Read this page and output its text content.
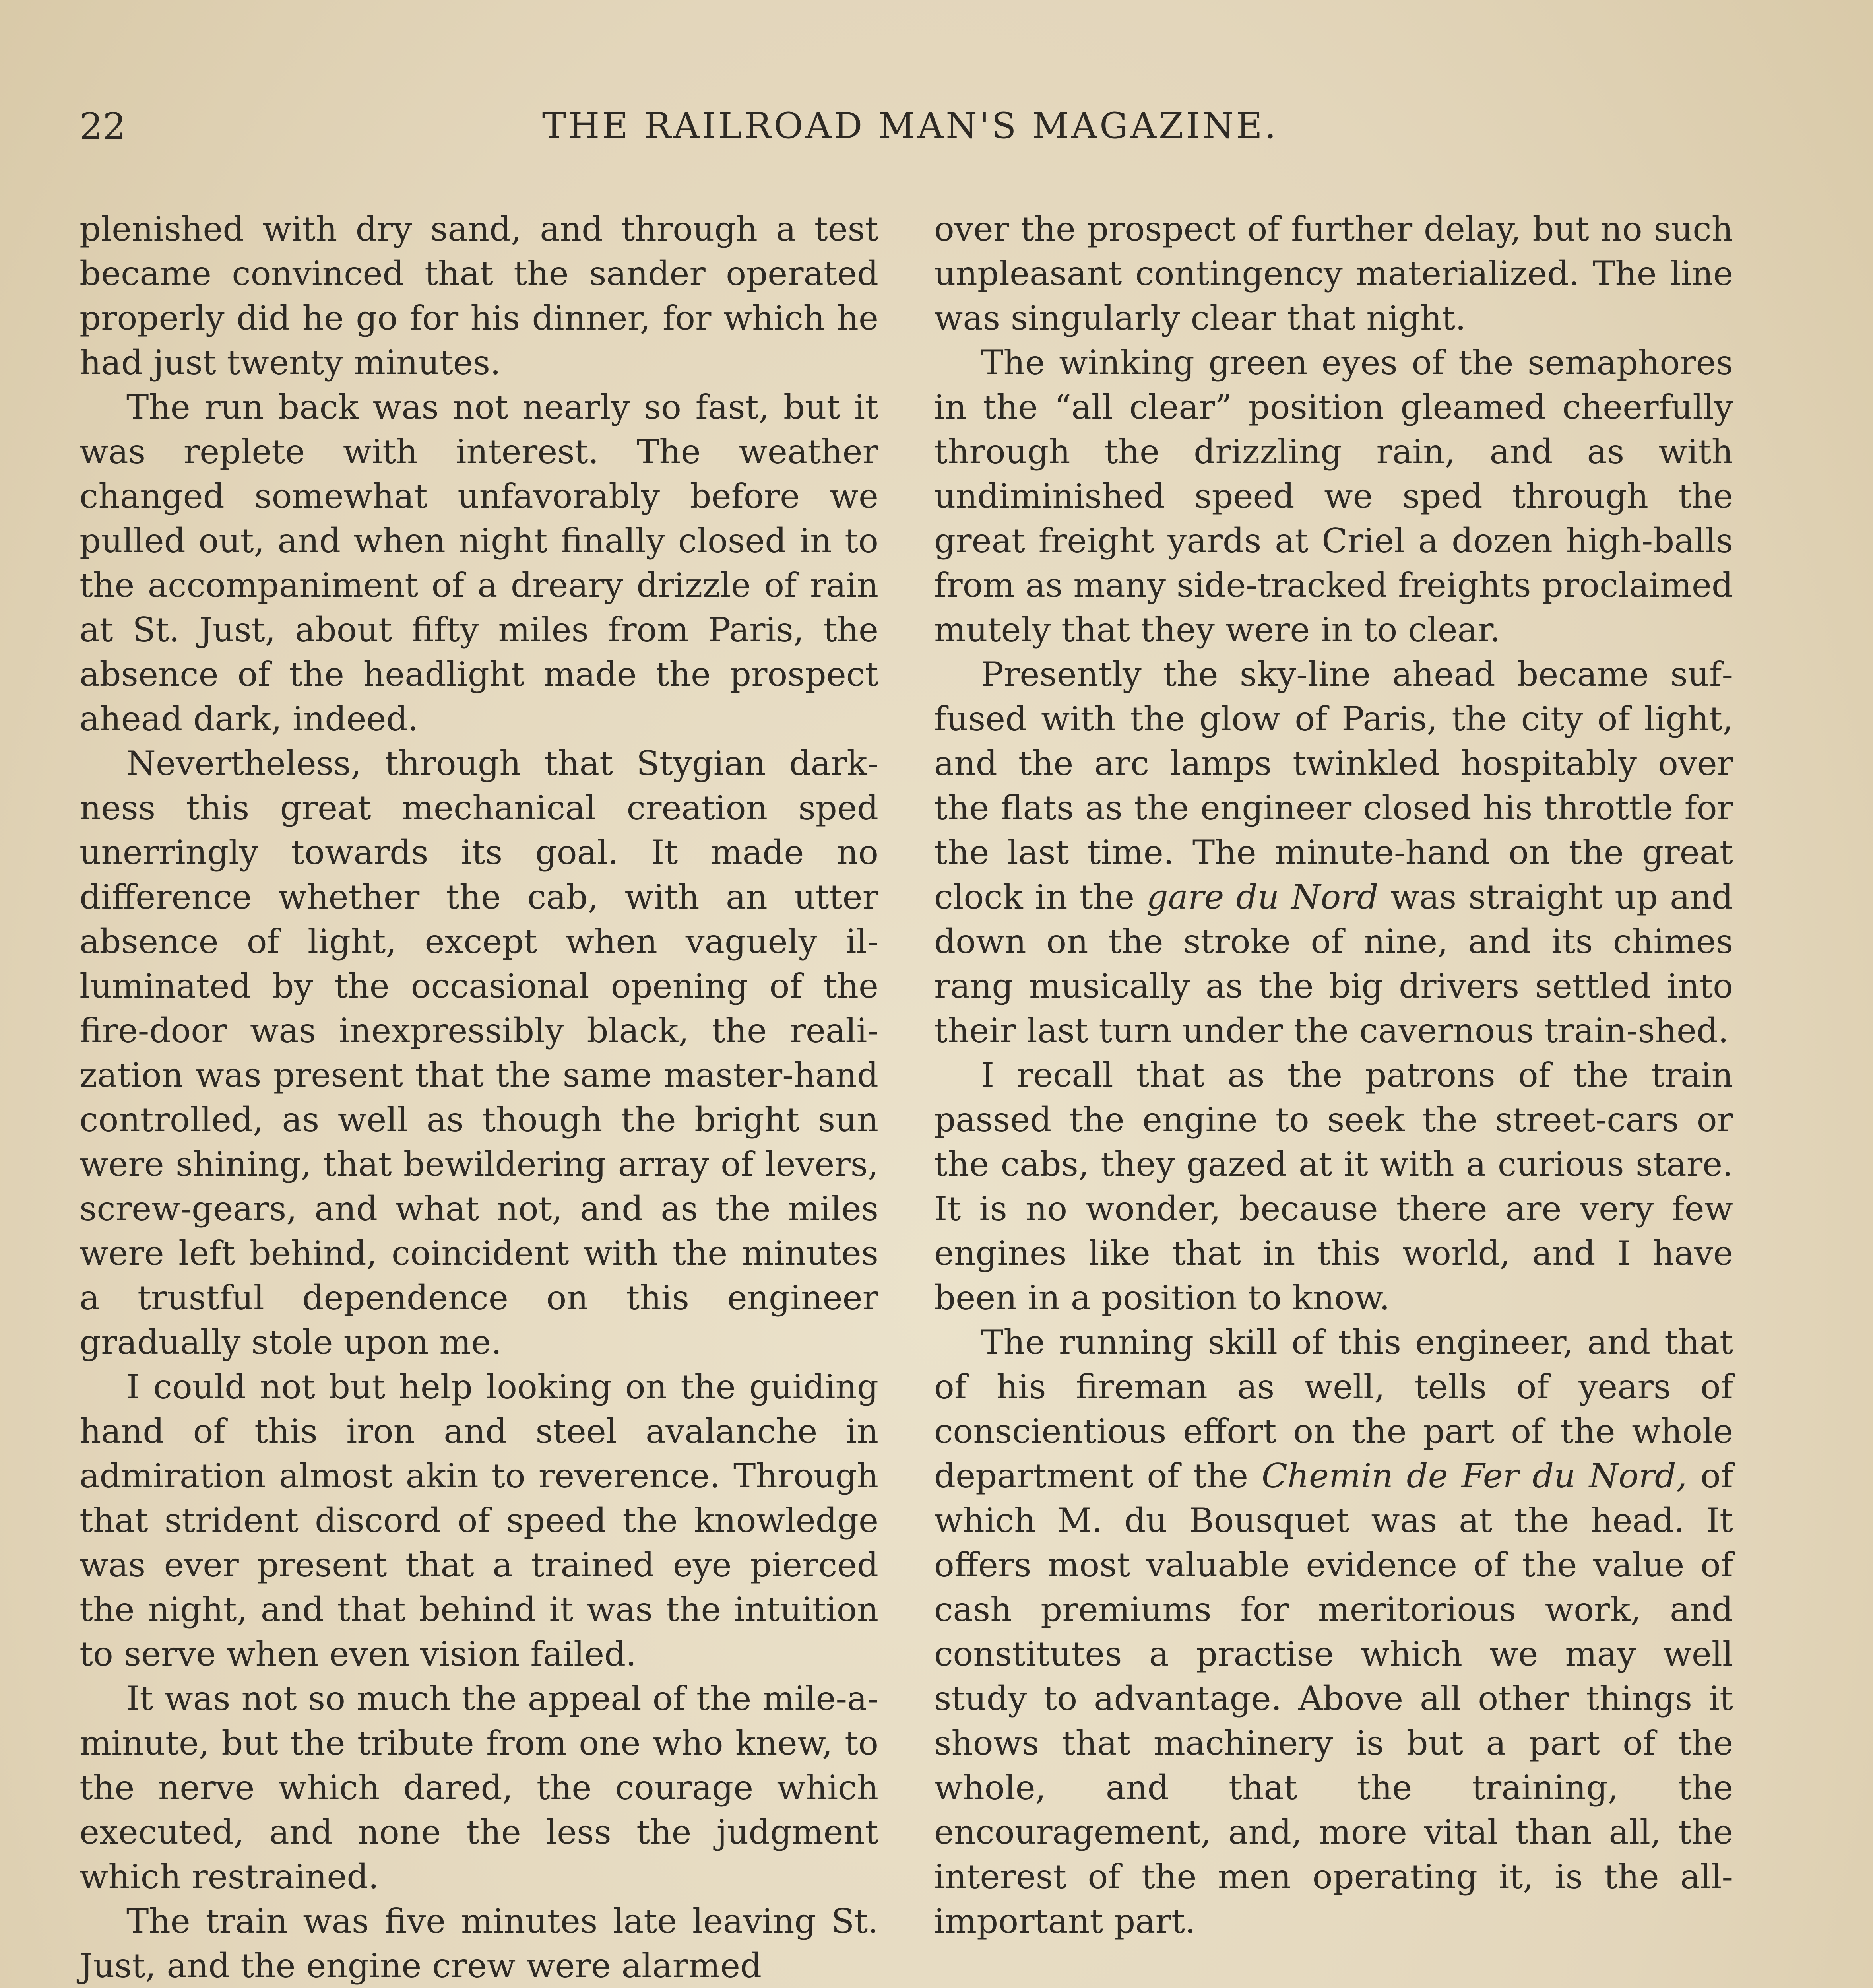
22	THE RAILROAD MAN'S MAGAZINE.

plenished with dry sand, and through a test became convinced that the sander operated properly did he go for his dinner, for which he had just twenty minutes.

The run back was not nearly so fast, but it was replete with interest. The weather changed somewhat unfavorably before we pulled out, and when night finally closed in to the accompaniment of a dreary drizzle of rain at St. Just, about fifty miles from Paris, the absence of the headlight made the prospect ahead dark, indeed.

Nevertheless, through that Stygian darkness this great mechanical creation sped unerringly towards its goal. It made no difference whether the cab, with an utter absence of light, except when vaguely illuminated by the occasional opening of the fire-door was inexpressibly black, the realization was present that the same master-hand controlled, as well as though the bright sun were shining, that bewildering array of levers, screw-gears, and what not, and as the miles were left behind, coincident with the minutes a trustful dependence on this engineer gradually stole upon me.

I could not but help looking on the guiding hand of this iron and steel avalanche in admiration almost akin to reverence. Through that strident discord of speed the knowledge was ever present that a trained eye pierced the night, and that behind it was the intuition to serve when even vision failed.

It was not so much the appeal of the mile-a-minute, but the tribute from one who knew, to the nerve which dared, the courage which executed, and none the less the judgment which restrained.

The train was five minutes late leaving St. Just, and the engine crew were alarmed

over the prospect of further delay, but no such unpleasant contingency materialized. The line was singularly clear that night.

The winking green eyes of the semaphores in the “all clear” position gleamed cheerfully through the drizzling rain, and as with undiminished speed we sped through the great freight yards at Criel a dozen high-balls from as many side-tracked freights proclaimed mutely that they were in to clear.

Presently the sky-line ahead became suffused with the glow of Paris, the city of light, and the arc lamps twinkled hospitably over the flats as the engineer closed his throttle for the last time. The minute-hand on the great clock in the gare du Nord was straight up and down on the stroke of nine, and its chimes rang musically as the big drivers settled into their last turn under the cavernous train-shed.

I recall that as the patrons of the train passed the engine to seek the street-cars or the cabs, they gazed at it with a curious stare. It is no wonder, because there are very few engines like that in this world, and I have been in a position to know.

The running skill of this engineer, and that of his fireman as well, tells of years of conscientious effort on the part of the whole department of the Chemin de Fer du Nord, of which M. du Bousquet was at the head. It offers most valuable evidence of the value of cash premiums for meritorious work, and constitutes a practise which we may well study to advantage. Above all other things it shows that machinery is but a part of the whole, and that the training, the encouragement, and, more vital than all, the interest of the men operating it, is the all-important part.
